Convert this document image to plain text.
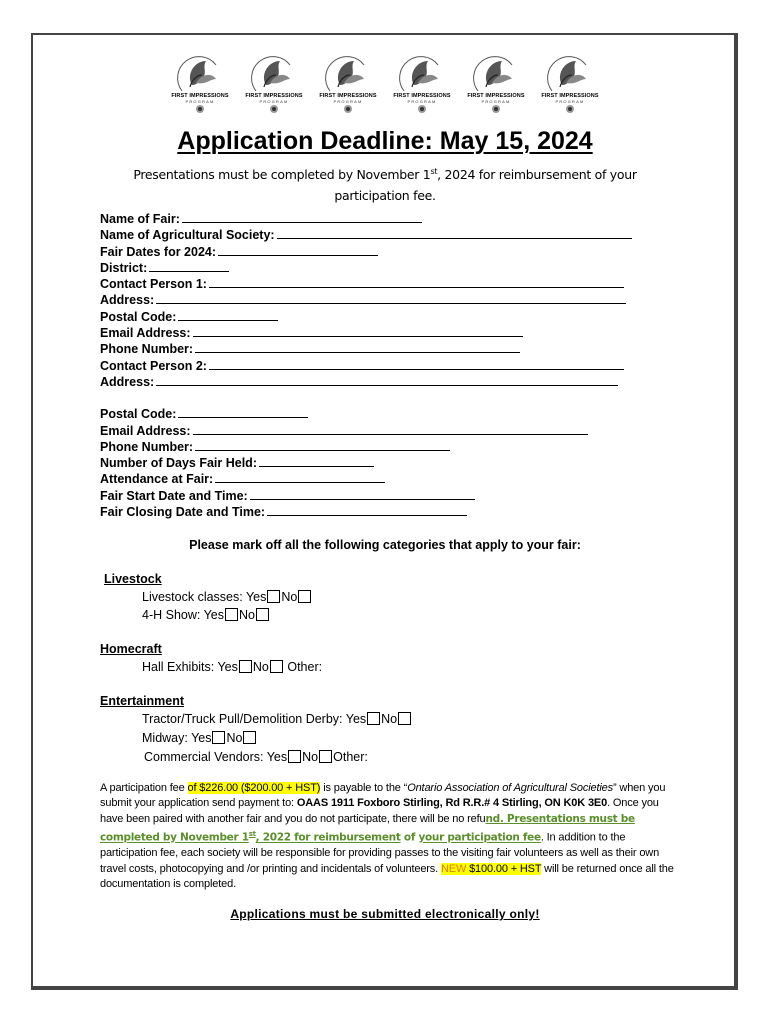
FIRST IMPRESSIONS
PROGRAM
FIRST IMPRESSIONS
PROGRAM
FIRST IMPRESSIONS
PROGRAM
FIRST IMPRESSIONS
PROGRAM
FIRST IMPRESSIONS
PROGRAM
FIRST IMPRESSIONS
PROGRAM
Application Deadline: May 15, 2024
Presentations must be completed by November 1st, 2024 for reimbursement of your participation fee.
Name of Fair:
Name of Agricultural Society:
Fair Dates for 2024:
District:
Contact Person 1:
Address:
Postal Code:
Email Address:
Phone Number:
Contact Person 2:
Address:
Postal Code:
Email Address:
Phone Number:
Number of Days Fair Held:
Attendance at Fair:
Fair Start Date and Time:
Fair Closing Date and Time:
Please mark off all the following categories that apply to your fair:
Livestock
Livestock classes: Yes No
4-H Show: Yes No
Homecraft
Hall Exhibits: Yes No Other:
Entertainment
Tractor/Truck Pull/Demolition Derby: Yes No
Midway: Yes No
Commercial Vendors: Yes No Other:
A participation fee of $226.00 ($200.00 + HST) is payable to the “Ontario Association of Agricultural Societies” when you submit your application send payment to: OAAS 1911 Foxboro Stirling, Rd R.R.# 4 Stirling, ON K0K 3E0. Once you have been paired with another fair and you do not participate, there will be no refund. Presentations must be completed by November 1st, 2022 for reimbursement of your participation fee. In addition to the participation fee, each society will be responsible for providing passes to the visiting fair volunteers as well as their own travel costs, photocopying and /or printing and incidentals of volunteers. NEW $100.00 + HST will be returned once all the documentation is completed.
Applications must be submitted electronically only!
